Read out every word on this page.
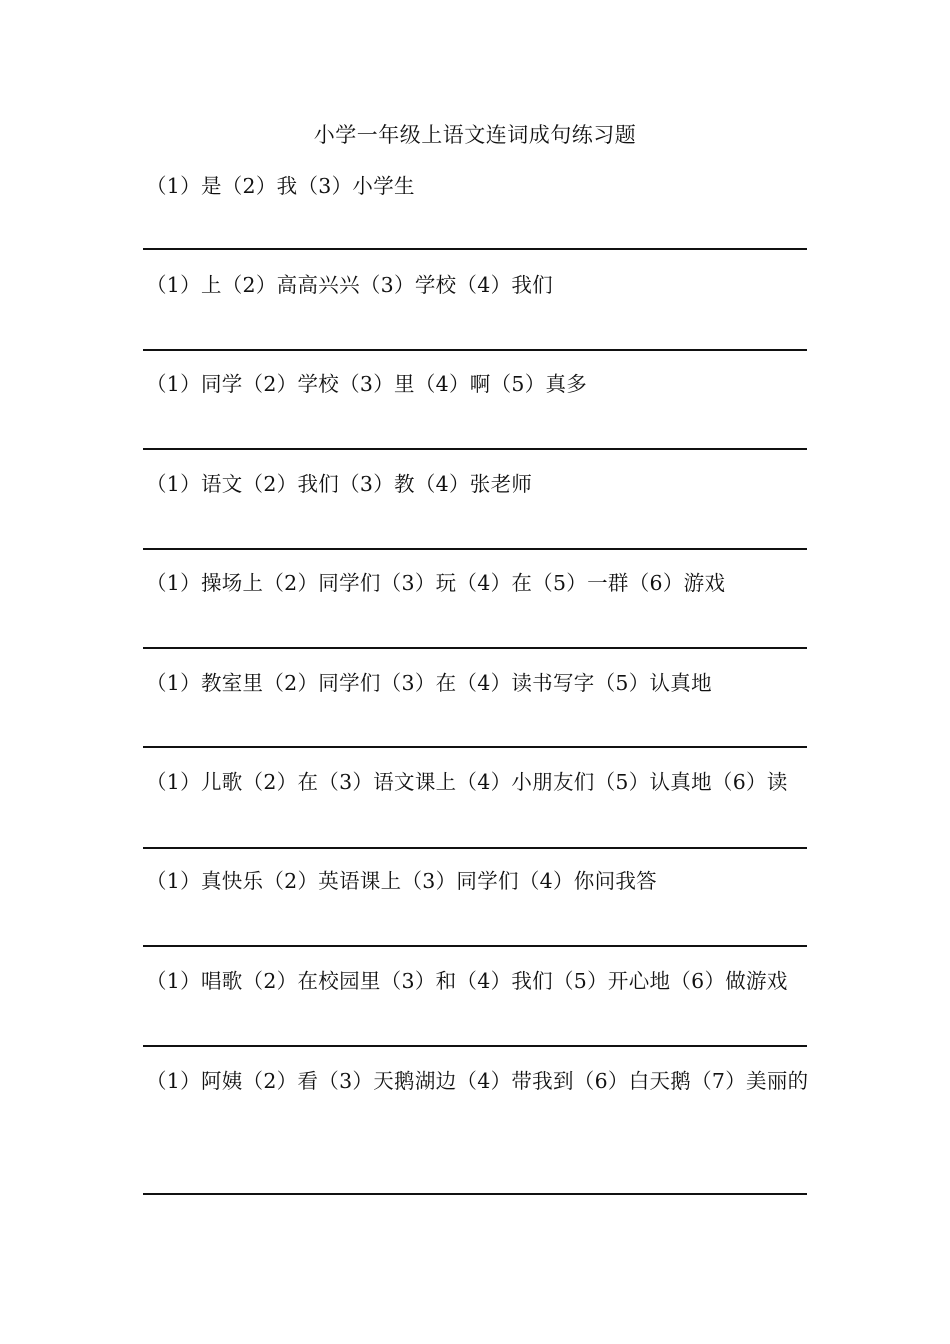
小学一年级上语文连词成句练习题
（1）是（2）我（3）小学生
（1）上（2）高高兴兴（3）学校（4）我们
（1）同学（2）学校（3）里（4）啊（5）真多
（1）语文（2）我们（3）教（4）张老师
（1）操场上（2）同学们（3）玩（4）在（5）一群（6）游戏
（1）教室里（2）同学们（3）在（4）读书写字（5）认真地
（1）儿歌（2）在（3）语文课上（4）小朋友们（5）认真地（6）读
（1）真快乐（2）英语课上（3）同学们（4）你问我答
（1）唱歌（2）在校园里（3）和（4）我们（5）开心地（6）做游戏
（1）阿姨（2）看（3）天鹅湖边（4）带我到（6）白天鹅（7）美丽的
